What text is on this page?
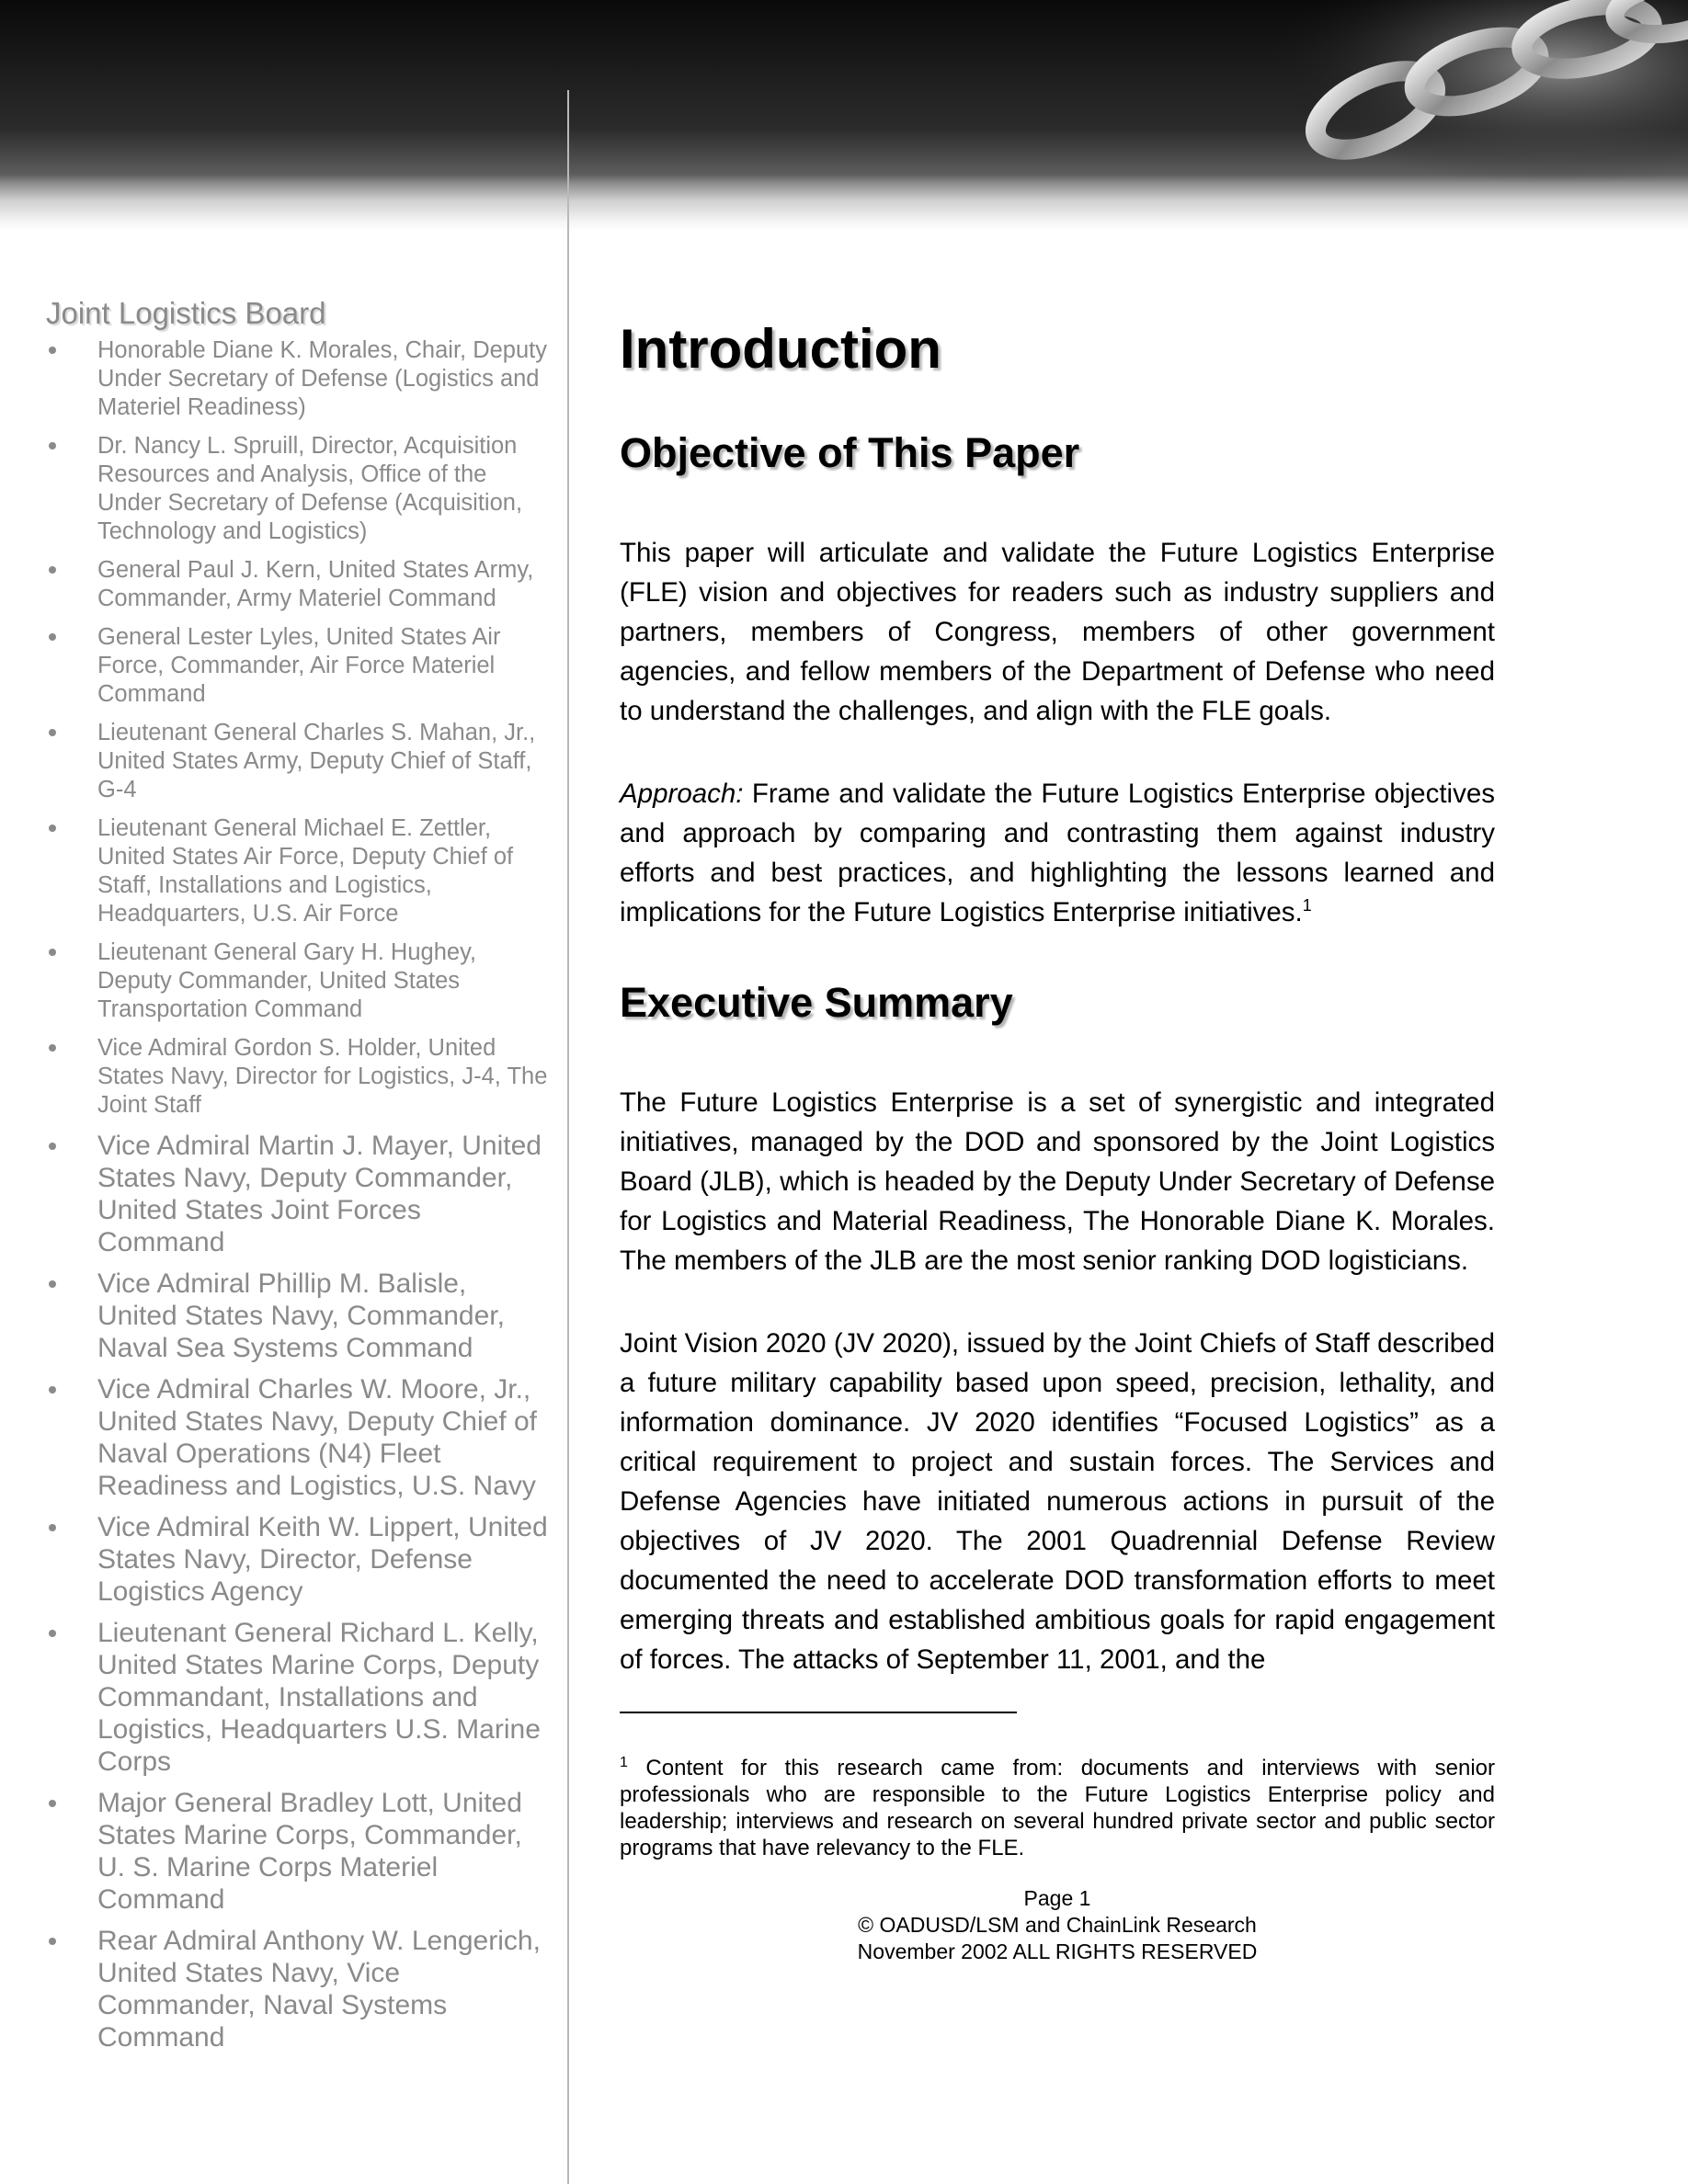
Joint Logistics Board
Honorable Diane K. Morales, Chair, Deputy Under Secretary of Defense (Logistics and Materiel Readiness)
Dr. Nancy L. Spruill, Director, Acquisition Resources and Analysis, Office of the Under Secretary of Defense (Acquisition, Technology and Logistics)
General Paul J. Kern, United States Army, Commander, Army Materiel Command
General Lester Lyles, United States Air Force, Commander, Air Force Materiel Command
Lieutenant General Charles S. Mahan, Jr., United States Army, Deputy Chief of Staff, G-4
Lieutenant General Michael E. Zettler, United States Air Force, Deputy Chief of Staff, Installations and Logistics, Headquarters, U.S. Air Force
Lieutenant General Gary H. Hughey, Deputy Commander, United States Transportation Command
Vice Admiral Gordon S. Holder, United States Navy, Director for Logistics, J-4, The Joint Staff
Vice Admiral Martin J. Mayer, United States Navy, Deputy Commander, United States Joint Forces Command
Vice Admiral Phillip M. Balisle, United States Navy, Commander, Naval Sea Systems Command
Vice Admiral Charles W. Moore, Jr., United States Navy, Deputy Chief of Naval Operations (N4) Fleet Readiness and Logistics, U.S. Navy
Vice Admiral Keith W. Lippert, United States Navy, Director, Defense Logistics Agency
Lieutenant General Richard L. Kelly, United States Marine Corps, Deputy Commandant, Installations and Logistics, Headquarters U.S. Marine Corps
Major General Bradley Lott, United States Marine Corps, Commander, U. S. Marine Corps Materiel Command
Rear Admiral Anthony W. Lengerich, United States Navy, Vice Commander, Naval Systems Command
Introduction
Objective of This Paper

This paper will articulate and validate the Future Logistics Enterprise (FLE) vision and objectives for readers such as industry suppliers and partners, members of Congress, members of other government agencies, and fellow members of the Department of Defense who need to understand the challenges, and align with the FLE goals.

Approach: Frame and validate the Future Logistics Enterprise objectives and approach by comparing and contrasting them against industry efforts and best practices, and highlighting the lessons learned and implications for the Future Logistics Enterprise initiatives.$^1$

Executive Summary

The Future Logistics Enterprise is a set of synergistic and integrated initiatives, managed by the DOD and sponsored by the Joint Logistics Board (JLB), which is headed by the Deputy Under Secretary of Defense for Logistics and Material Readiness, The Honorable Diane K. Morales. The members of the JLB are the most senior ranking DOD logisticians.

Joint Vision 2020 (JV 2020), issued by the Joint Chiefs of Staff described a future military capability based upon speed, precision, lethality, and information dominance. JV 2020 identifies “Focused Logistics” as a critical requirement to project and sustain forces. The Services and Defense Agencies have initiated numerous actions in pursuit of the objectives of JV 2020. The 2001 Quadrennial Defense Review documented the need to accelerate DOD transformation efforts to meet emerging threats and established ambitious goals for rapid engagement of forces. The attacks of September 11, 2001, and the

$^1$ Content for this research came from: documents and interviews with senior professionals who are responsible to the Future Logistics Enterprise policy and leadership; interviews and research on several hundred private sector and public sector programs that have relevancy to the FLE.

Page 1
© OADUSD/LSM and ChainLink Research
November 2002 ALL RIGHTS RESERVED
